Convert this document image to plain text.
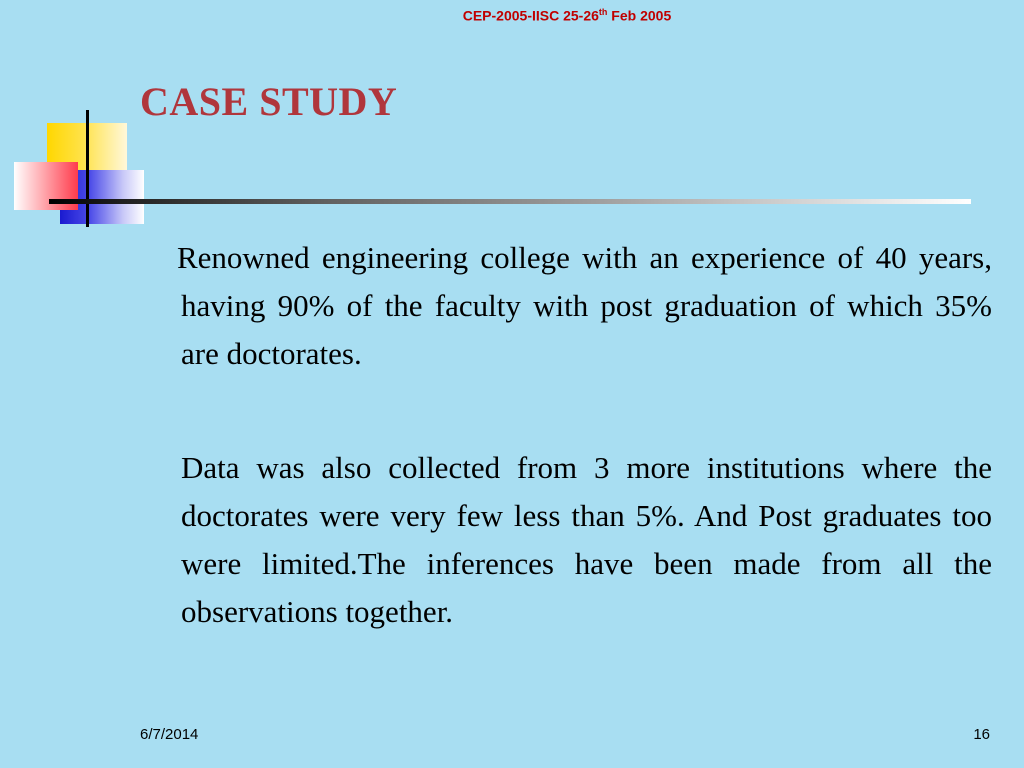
CEP-2005-IISC 25-26th Feb 2005
CASE STUDY
Renowned engineering college with an experience of 40 years, having 90% of the faculty with post graduation of which 35% are doctorates.
Data was also collected from 3 more institutions where the doctorates were very few less than 5%. And Post graduates too were limited.The inferences have been made from all the observations together.
6/7/2014	16
